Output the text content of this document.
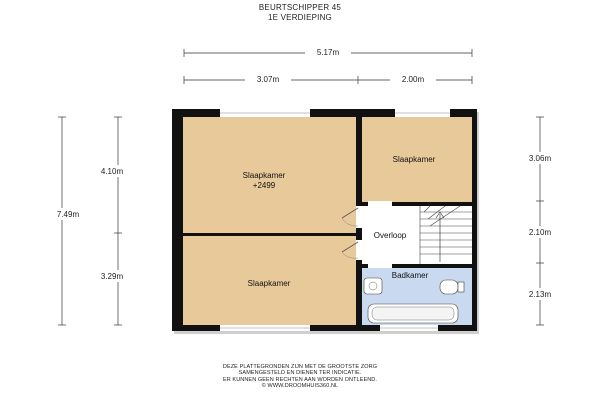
BEURTSCHIPPER 45
1E VERDIEPING
5.17m
3.07m	2.00m
7.49m
4.10m
3.29m
3.06m
2.10m
2.13m
Slaapkamer
+2499
Slaapkamer
Slaapkamer
Overloop
Badkamer
DEZE PLATTEGRONDEN ZIJN MET DE GROOTSTE ZORG
SAMENGESTELD EN DIENEN TER INDICATIE.
ER KUNNEN GEEN RECHTEN AAN WORDEN ONTLEEND.
© WWW.DROOMHUIS360.NL
